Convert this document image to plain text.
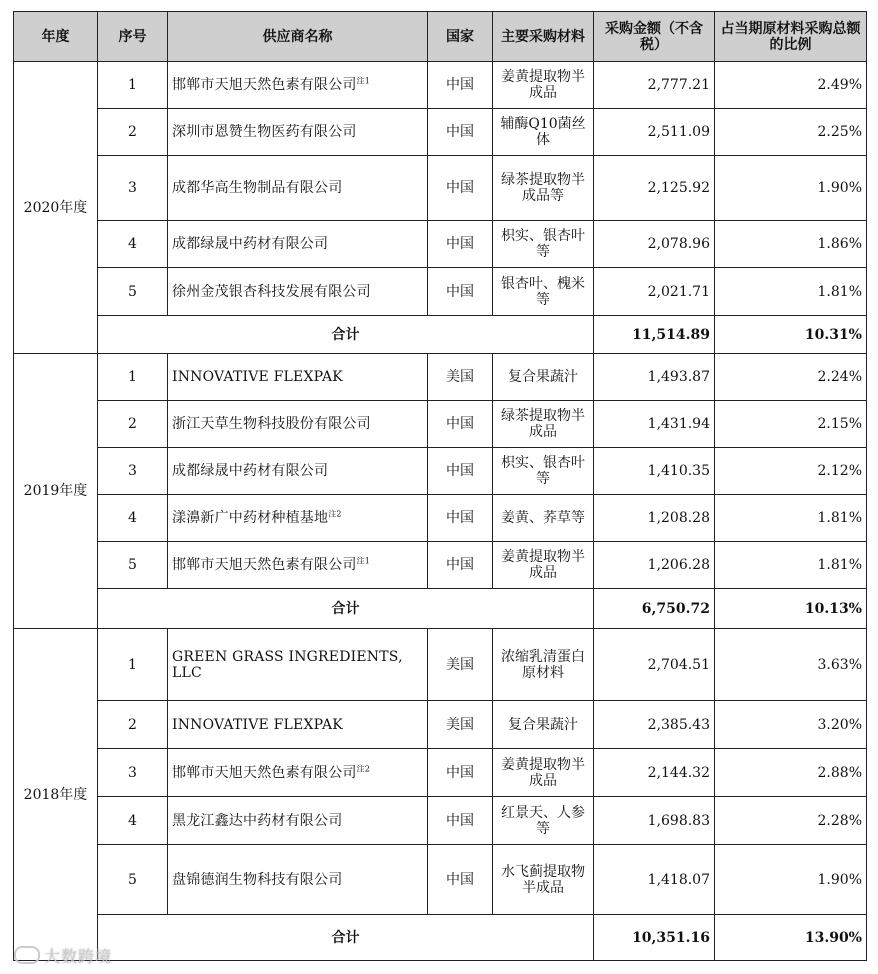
年度	序号	供应商名称	国家	主要采购材料	采购金额（不含税）	占当期原材料采购总额的比例
2020年度	1	邯郸市天旭天然色素有限公司$^{注1}$	中国	姜黄提取物半成品	2,777.21	2.49%
	2	深圳市恩赞生物医药有限公司	中国	辅酶Q10菌丝体	2,511.09	2.25%
	3	成都华高生物制品有限公司	中国	绿茶提取物半成品等	2,125.92	1.90%
	4	成都绿晟中药材有限公司	中国	枳实、银杏叶等	2,078.96	1.86%
	5	徐州金茂银杏科技发展有限公司	中国	银杏叶、槐米等	2,021.71	1.81%
	合计				11,514.89	10.31%
2019年度	1	INNOVATIVE FLEXPAK	美国	复合果蔬汁	1,493.87	2.24%
	2	浙江天草生物科技股份有限公司	中国	绿茶提取物半成品	1,431.94	2.15%
	3	成都绿晟中药材有限公司	中国	枳实、银杏叶等	1,410.35	2.12%
	4	漾濞新广中药材种植基地$^{注2}$	中国	姜黄、荞草等	1,208.28	1.81%
	5	邯郸市天旭天然色素有限公司$^{注1}$	中国	姜黄提取物半成品	1,206.28	1.81%
	合计				6,750.72	10.13%
2018年度	1	GREEN GRASS INGREDIENTS, LLC	美国	浓缩乳清蛋白原材料	2,704.51	3.63%
	2	INNOVATIVE FLEXPAK	美国	复合果蔬汁	2,385.43	3.20%
	3	邯郸市天旭天然色素有限公司$^{注2}$	中国	姜黄提取物半成品	2,144.32	2.88%
	4	黑龙江鑫达中药材有限公司	中国	红景天、人参等	1,698.83	2.28%
	5	盘锦德润生物科技有限公司	中国	水飞蓟提取物半成品	1,418.07	1.90%
	合计				10,351.16	13.90%
大数跨境
